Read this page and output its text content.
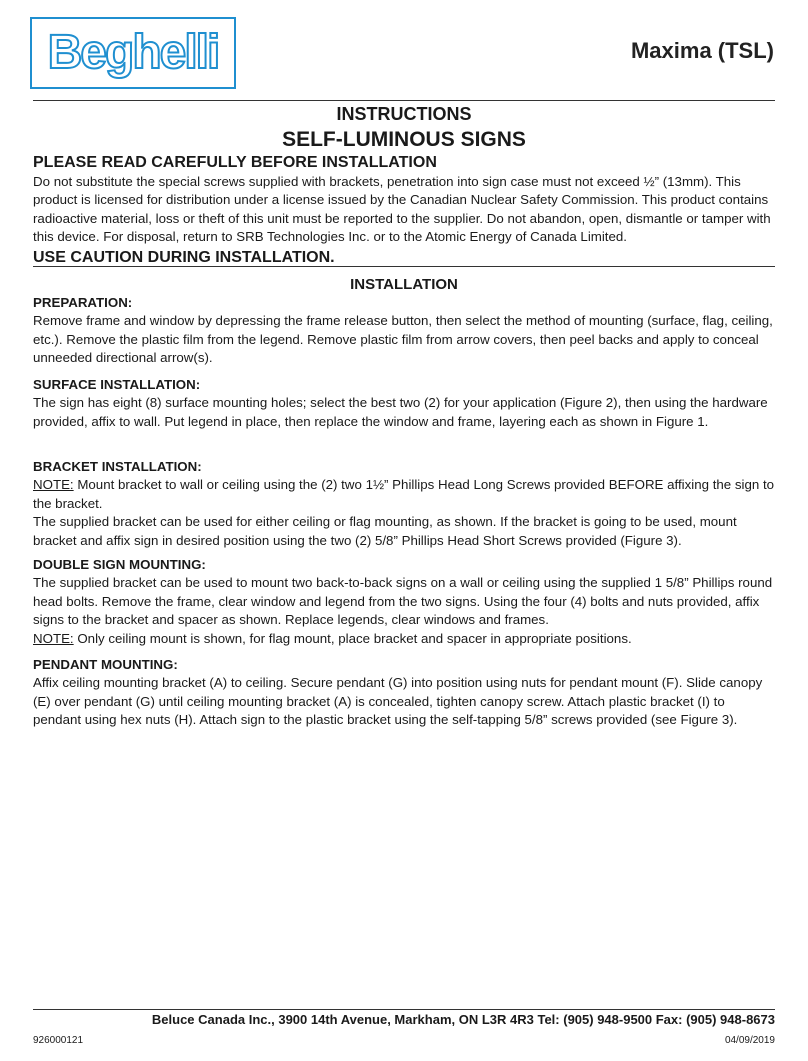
Beghelli	Maxima (TSL)
INSTRUCTIONS
SELF-LUMINOUS SIGNS

PLEASE READ CAREFULLY BEFORE INSTALLATION

Do not substitute the special screws supplied with brackets, penetration into sign case must not exceed ½” (13mm). This product is licensed for distribution under a license issued by the Canadian Nuclear Safety Commission. This product contains radioactive material, loss or theft of this unit must be reported to the supplier. Do not abandon, open, dismantle or tamper with this device. For disposal, return to SRB Technologies Inc. or to the Atomic Energy of Canada Limited.

USE CAUTION DURING INSTALLATION.

INSTALLATION

PREPARATION:

Remove frame and window by depressing the frame release button, then select the method of mounting (surface, flag, ceiling, etc.). Remove the plastic film from the legend. Remove plastic film from arrow covers, then peel backs and apply to conceal unneeded directional arrow(s).

SURFACE INSTALLATION:

The sign has eight (8) surface mounting holes; select the best two (2) for your application (Figure 2), then using the hardware provided, affix to wall. Put legend in place, then replace the window and frame, layering each as shown in Figure 1.

BRACKET INSTALLATION:

NOTE: Mount bracket to wall or ceiling using the (2) two 1½” Phillips Head Long Screws provided BEFORE affixing the sign to the bracket.

The supplied bracket can be used for either ceiling or flag mounting, as shown. If the bracket is going to be used, mount bracket and affix sign in desired position using the two (2) 5/8” Phillips Head Short Screws provided (Figure 3).

DOUBLE SIGN MOUNTING:

The supplied bracket can be used to mount two back-to-back signs on a wall or ceiling using the supplied 1 5/8” Phillips round head bolts. Remove the frame, clear window and legend from the two signs. Using the four (4) bolts and nuts provided, affix signs to the bracket and spacer as shown. Replace legends, clear windows and frames.

NOTE: Only ceiling mount is shown, for flag mount, place bracket and spacer in appropriate positions.

PENDANT MOUNTING:

Affix ceiling mounting bracket (A) to ceiling. Secure pendant (G) into position using nuts for pendant mount (F). Slide canopy (E) over pendant (G) until ceiling mounting bracket (A) is concealed, tighten canopy screw. Attach plastic bracket (I) to pendant using hex nuts (H). Attach sign to the plastic bracket using the self-tapping 5/8” screws provided (see Figure 3).

Beluce Canada Inc., 3900 14th Avenue, Markham, ON L3R 4R3 Tel: (905) 948-9500 Fax: (905) 948-8673
926000121	04/09/2019
